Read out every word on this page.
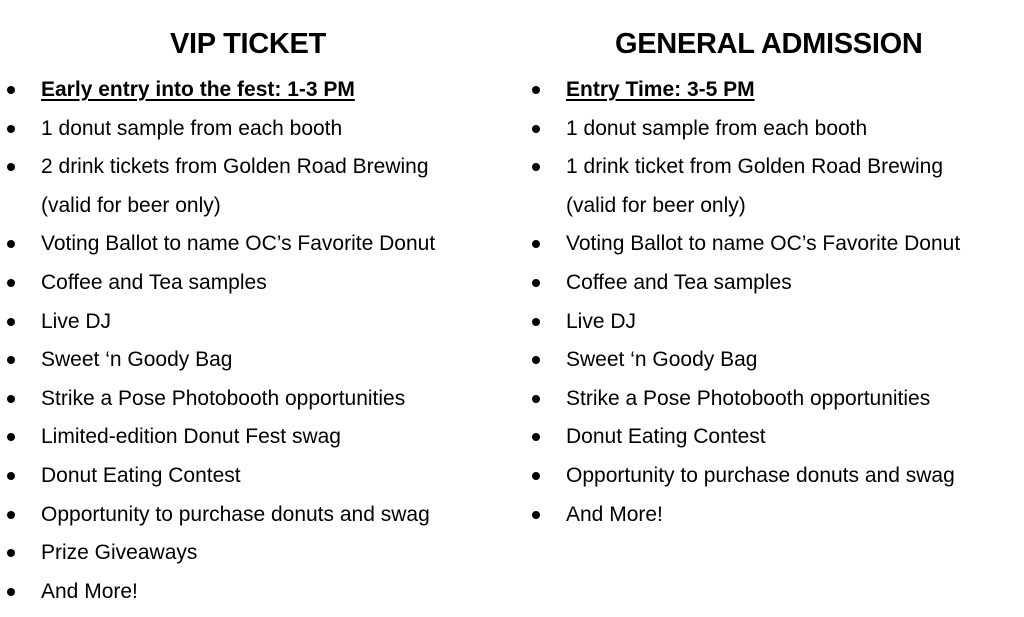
VIP TICKET
Early entry into the fest: 1-3 PM
1 donut sample from each booth
2 drink tickets from Golden Road Brewing
(valid for beer only)
Voting Ballot to name OC’s Favorite Donut
Coffee and Tea samples
Live DJ
Sweet ‘n Goody Bag
Strike a Pose Photobooth opportunities
Limited-edition Donut Fest swag
Donut Eating Contest
Opportunity to purchase donuts and swag
Prize Giveaways
And More!
GENERAL ADMISSION
Entry Time: 3-5 PM
1 donut sample from each booth
1 drink ticket from Golden Road Brewing
(valid for beer only)
Voting Ballot to name OC’s Favorite Donut
Coffee and Tea samples
Live DJ
Sweet ‘n Goody Bag
Strike a Pose Photobooth opportunities
Donut Eating Contest
Opportunity to purchase donuts and swag
And More!
